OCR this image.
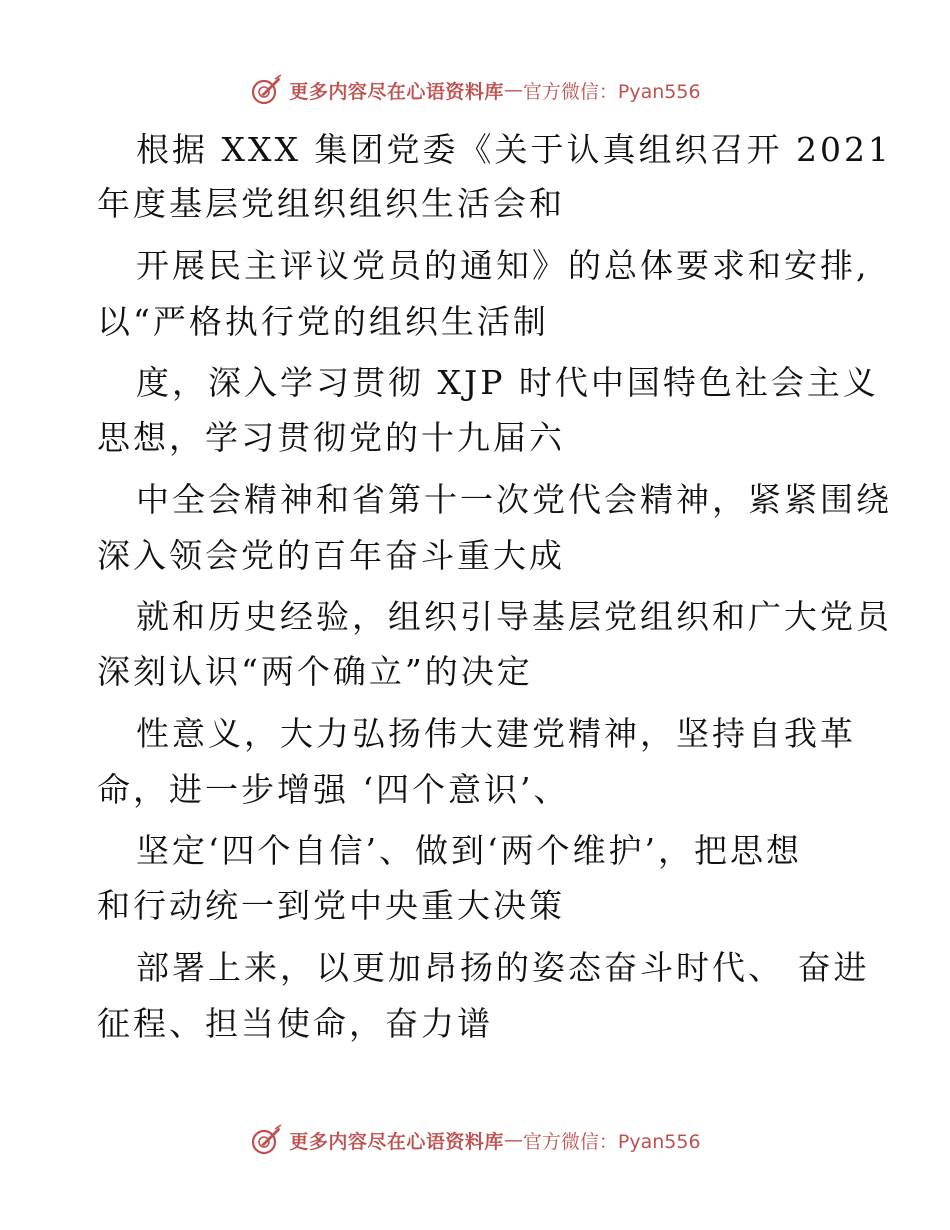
更多内容尽在心语资料库 — 官方微信：Pyan556
根据 XXX 集团党委《关于认真组织召开 2021
年度基层党组织组织生活会和
开展民主评议党员的通知》的总体要求和安排,
以“严格执行党的组织生活制
度，深入学习贯彻 XJP 时代中国特色社会主义
思想，学习贯彻党的十九届六
中全会精神和省第十一次党代会精神，紧紧围绕
深入领会党的百年奋斗重大成
就和历史经验，组织引导基层党组织和广大党员
深刻认识“两个确立”的决定
性意义，大力弘扬伟大建党精神，坚持自我革
命，进一步增强 ‘四个意识’、
坚定‘四个自信’、做到‘两个维护’，把思想
和行动统一到党中央重大决策
部署上来，以更加昂扬的姿态奋斗时代、 奋进
征程、担当使命，奋力谱
更多内容尽在心语资料库 — 官方微信：Pyan556
